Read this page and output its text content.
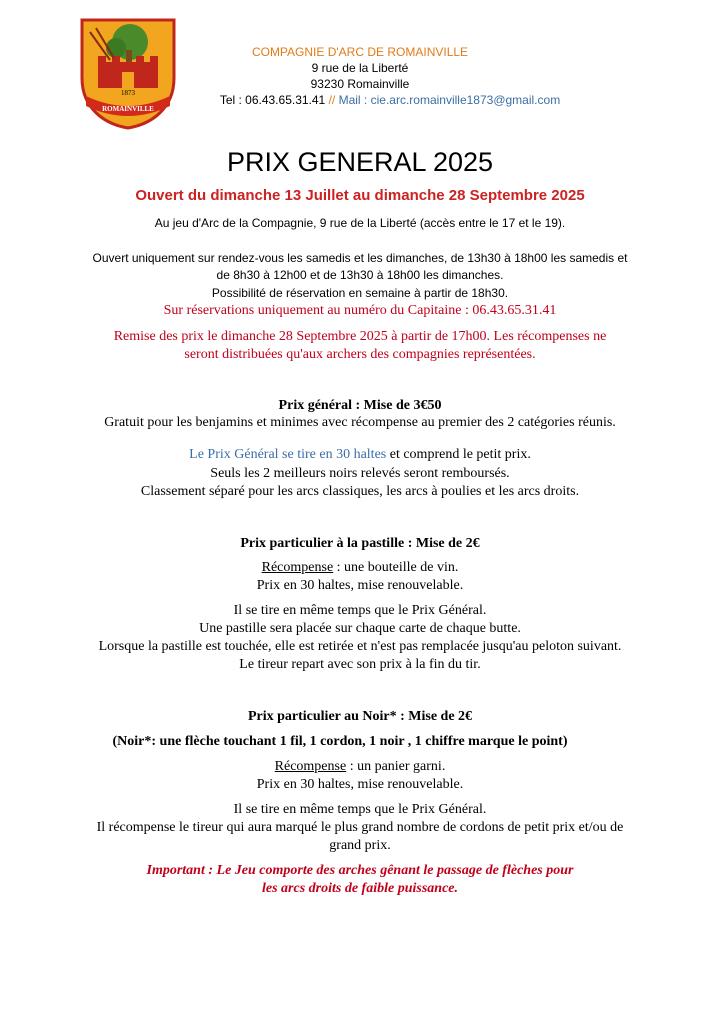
1873
ROMAINVILLE
COMPAGNIE D'ARC DE ROMAINVILLE
9 rue de la Liberté
93230 Romainville
Tel : 06.43.65.31.41 // Mail : cie.arc.romainville1873@gmail.com
PRIX GENERAL 2025
Ouvert du dimanche 13 Juillet au dimanche 28 Septembre 2025
Au jeu d'Arc de la Compagnie, 9 rue de la Liberté (accès entre le 17 et le 19).
Ouvert uniquement sur rendez-vous les samedis et les dimanches, de 13h30 à 18h00 les samedis et
de 8h30 à 12h00 et de 13h30 à 18h00 les dimanches.
Possibilité de réservation en semaine à partir de 18h30.
Sur réservations uniquement au numéro du Capitaine : 06.43.65.31.41
Remise des prix le dimanche 28 Septembre 2025 à partir de 17h00. Les récompenses ne
seront distribuées qu'aux archers des compagnies représentées.
Prix général : Mise de 3€50
Gratuit pour les benjamins et minimes avec récompense au premier des 2 catégories réunis.
Le Prix Général se tire en 30 haltes et comprend le petit prix.
Seuls les 2 meilleurs noirs relevés seront remboursés.
Classement séparé pour les arcs classiques, les arcs à poulies et les arcs droits.
Prix particulier à la pastille : Mise de 2€
Récompense : une bouteille de vin.
Prix en 30 haltes, mise renouvelable.
Il se tire en même temps que le Prix Général.
Une pastille sera placée sur chaque carte de chaque butte.
Lorsque la pastille est touchée, elle est retirée et n'est pas remplacée jusqu'au peloton suivant.
Le tireur repart avec son prix à la fin du tir.
Prix particulier au Noir* : Mise de 2€
(Noir*: une flèche touchant 1 fil, 1 cordon, 1 noir , 1 chiffre marque le point)
Récompense : un panier garni.
Prix en 30 haltes, mise renouvelable.
Il se tire en même temps que le Prix Général.
Il récompense le tireur qui aura marqué le plus grand nombre de cordons de petit prix et/ou de
grand prix.
Important : Le Jeu comporte des arches gênant le passage de flèches pour
les arcs droits de faible puissance.
